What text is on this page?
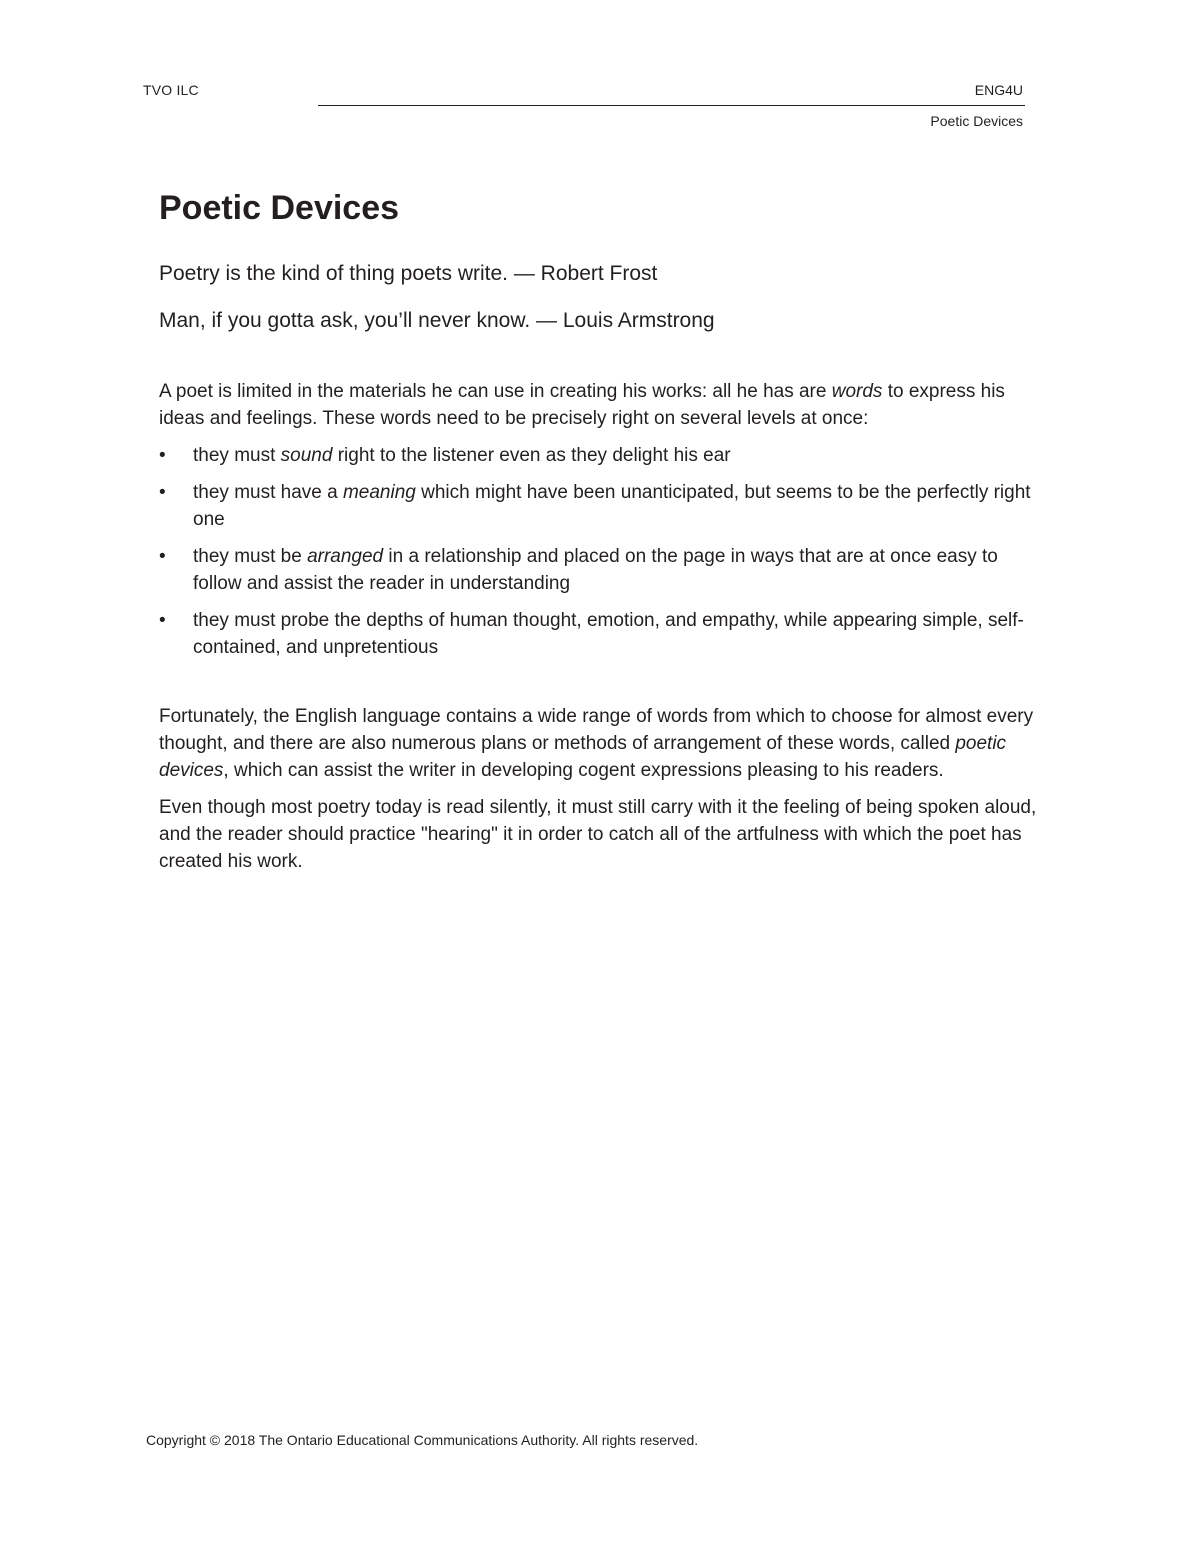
TVO ILC	ENG4U
Poetic Devices
Poetic Devices

Poetry is the kind of thing poets write. — Robert Frost

Man, if you gotta ask, you’ll never know. — Louis Armstrong

A poet is limited in the materials he can use in creating his works: all he has are words to express his ideas and feelings. These words need to be precisely right on several levels at once:

• they must sound right to the listener even as they delight his ear
• they must have a meaning which might have been unanticipated, but seems to be the perfectly right one
• they must be arranged in a relationship and placed on the page in ways that are at once easy to follow and assist the reader in understanding
• they must probe the depths of human thought, emotion, and empathy, while appearing simple, self-contained, and unpretentious

Fortunately, the English language contains a wide range of words from which to choose for almost every thought, and there are also numerous plans or methods of arrangement of these words, called poetic devices, which can assist the writer in developing cogent expressions pleasing to his readers.

Even though most poetry today is read silently, it must still carry with it the feeling of being spoken aloud, and the reader should practice "hearing" it in order to catch all of the artfulness with which the poet has created his work.

Copyright © 2018 The Ontario Educational Communications Authority. All rights reserved.
